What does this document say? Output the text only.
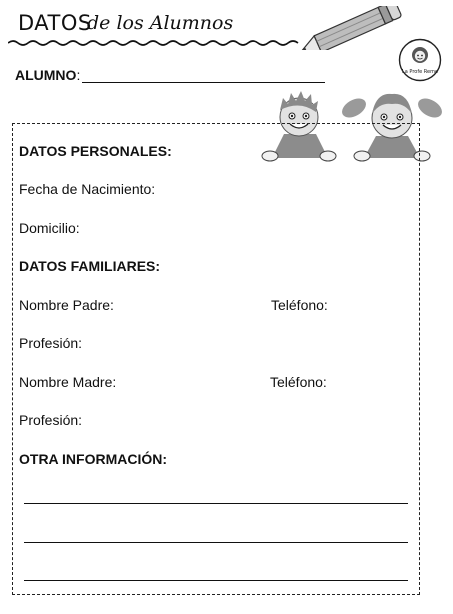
DATOS
de los Alumnos
La Profe Reme
ALUMNO:
DATOS PERSONALES:
Fecha de Nacimiento:
Domicilio:
DATOS FAMILIARES:
Nombre Padre:	Teléfono:
Profesión:
Nombre Madre:	Teléfono:
Profesión:
OTRA INFORMACIÓN:
